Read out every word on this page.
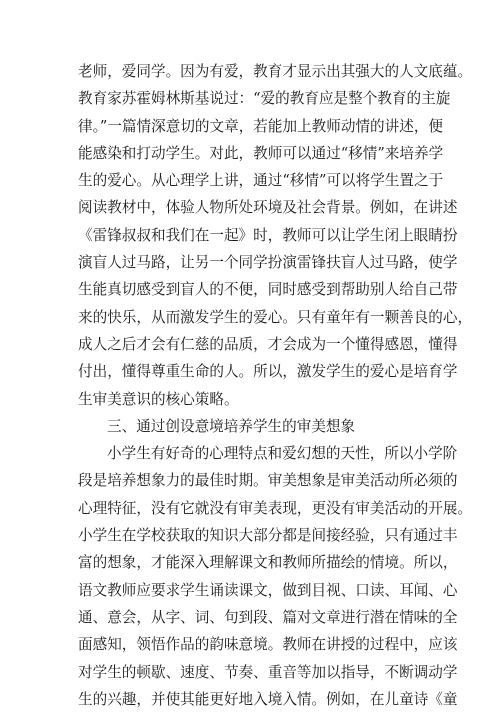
老师，爱同学。因为有爱，教育才显示出其强大的人文底蕴。
教育家苏霍姆林斯基说过：“爱的教育应是整个教育的主旋
律。”一篇情深意切的文章，若能加上教师动情的讲述，便
能感染和打动学生。对此，教师可以通过“移情”来培养学
生的爱心。从心理学上讲，通过“移情”可以将学生置之于
阅读教材中，体验人物所处环境及社会背景。例如，在讲述
《雷锋叔叔和我们在一起》时，教师可以让学生闭上眼睛扮
演盲人过马路，让另一个同学扮演雷锋扶盲人过马路，使学
生能真切感受到盲人的不便，同时感受到帮助别人给自己带
来的快乐，从而激发学生的爱心。只有童年有一颗善良的心，
成人之后才会有仁慈的品质，才会成为一个懂得感恩，懂得
付出，懂得尊重生命的人。所以，激发学生的爱心是培育学
生审美意识的核心策略。
三、通过创设意境培养学生的审美想象
小学生有好奇的心理特点和爱幻想的天性，所以小学阶
段是培养想象力的最佳时期。审美想象是审美活动所必须的
心理特征，没有它就没有审美表现，更没有审美活动的开展。
小学生在学校获取的知识大部分都是间接经验，只有通过丰
富的想象，才能深入理解课文和教师所描绘的情境。所以，
语文教师应要求学生诵读课文，做到目视、口读、耳闻、心
通、意会，从字、词、句到段、篇对文章进行潜在情味的全
面感知，领悟作品的韵味意境。教师在讲授的过程中，应该
对学生的顿歇、速度、节奏、重音等加以指导，不断调动学
生的兴趣，并使其能更好地入境入情。例如，在儿童诗《童
